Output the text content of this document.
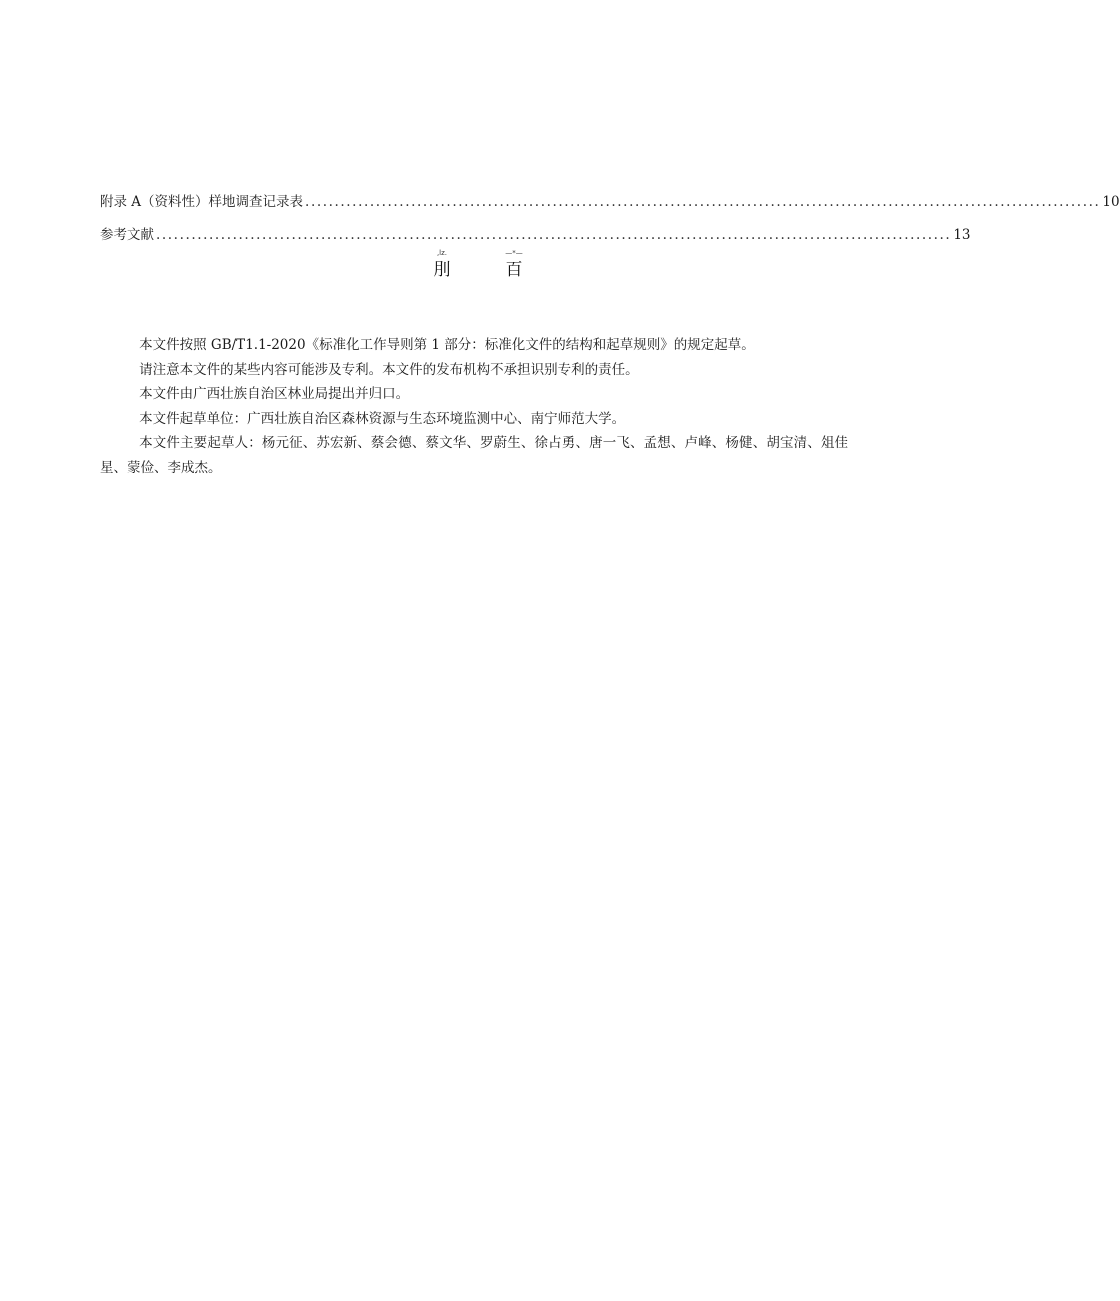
附录 A（资料性）样地调查记录表 ....................................................................................................................................... 10
参考文献 ....................................................................................................................................... 13
,lz.
刖
—*—
百

本文件按照 GB/T1.1-2020《标准化工作导则第 1 部分：标准化文件的结构和起草规则》的规定起草。

请注意本文件的某些内容可能涉及专利。本文件的发布机构不承担识别专利的责任。

本文件由广西壮族自治区林业局提出并归口。

本文件起草单位：广西壮族自治区森林资源与生态环境监测中心、南宁师范大学。

本文件主要起草人：杨元征、苏宏新、蔡会德、蔡文华、罗蔚生、徐占勇、唐一飞、孟想、卢峰、杨健、胡宝清、俎佳星、蒙俭、李成杰。
